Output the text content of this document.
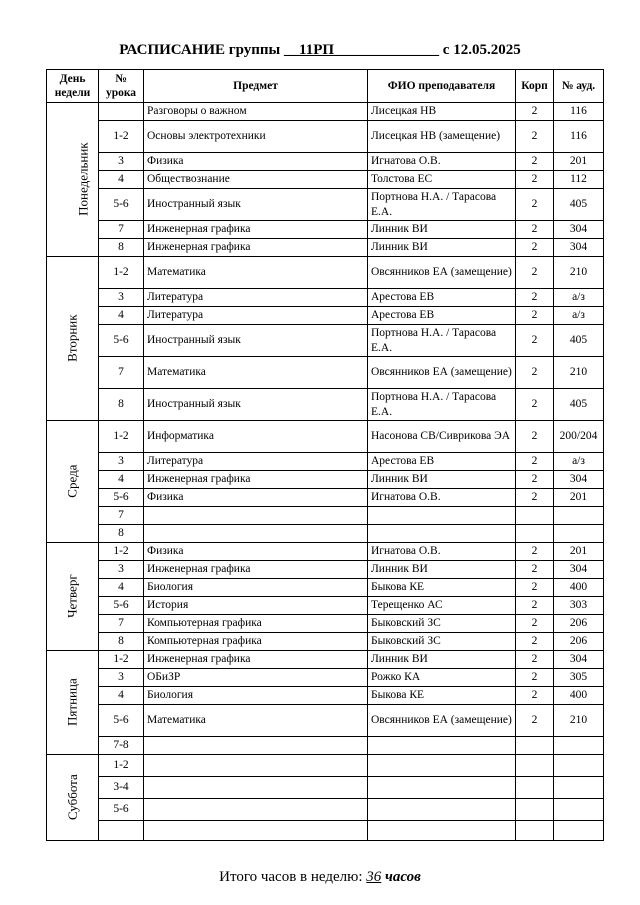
РАСПИСАНИЕ группы __11РП______________ с 12.05.2025
День недели	№ урока	Предмет	ФИО преподавателя	Корп	№ ауд.
Понедельник		Разговоры о важном	Лисецкая НВ	2	116
	1-2	Основы электротехники	Лисецкая НВ (замещение)	2	116
	3	Физика	Игнатова О.В.	2	201
	4	Обществознание	Толстова ЕС	2	112
	5-6	Иностранный язык	Портнова Н.А. / Тарасова Е.А.	2	405
	7	Инженерная графика	Линник ВИ	2	304
	8	Инженерная графика	Линник ВИ	2	304
Вторник	1-2	Математика	Овсянников ЕА (замещение)	2	210
	3	Литература	Арестова ЕВ	2	а/з
	4	Литература	Арестова ЕВ	2	а/з
	5-6	Иностранный язык	Портнова Н.А. / Тарасова Е.А.	2	405
	7	Математика	Овсянников ЕА (замещение)	2	210
	8	Иностранный язык	Портнова Н.А. / Тарасова Е.А.	2	405
Среда	1-2	Информатика	Насонова СВ/Сиврикова ЭА	2	200/204
	3	Литература	Арестова ЕВ	2	а/з
	4	Инженерная графика	Линник ВИ	2	304
	5-6	Физика	Игнатова О.В.	2	201
	7				
	8				
Четверг	1-2	Физика	Игнатова О.В.	2	201
	3	Инженерная графика	Линник ВИ	2	304
	4	Биология	Быкова КЕ	2	400
	5-6	История	Терещенко АС	2	303
	7	Компьютерная графика	Быковский ЗС	2	206
	8	Компьютерная графика	Быковский ЗС	2	206
Пятница	1-2	Инженерная графика	Линник ВИ	2	304
	3	ОБиЗР	Рожко КА	2	305
	4	Биология	Быкова КЕ	2	400
	5-6	Математика	Овсянников ЕА (замещение)	2	210
	7-8				
Суббота	1-2				
	3-4				
	5-6				

Итого часов в неделю: 36 часов
